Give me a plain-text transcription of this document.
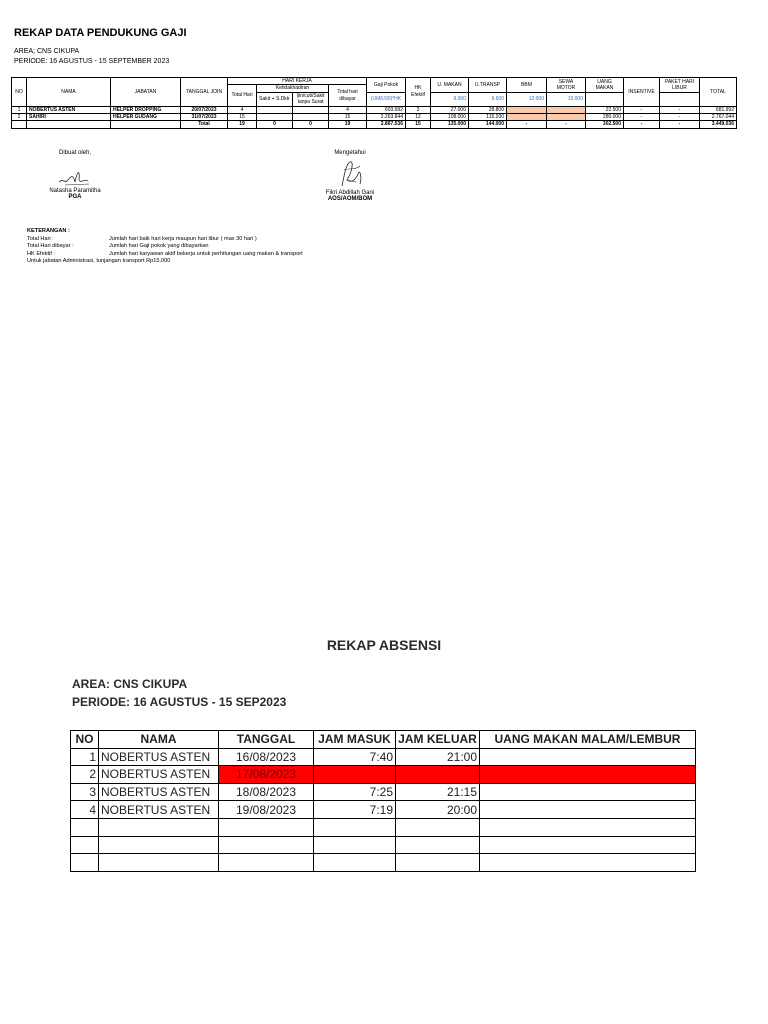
REKAP DATA PENDUKUNG GAJI
AREA; CNS CIKUPA
PERIODE: 16 AGUSTUS - 15 SEPTEMBER 2023
NO	NAMA	JABATAN	TANGGAL JOIN	HARI KERJA				Gaji Pokok	HK Efektif	U. MAKAN	U.TRANSP	BBM	SEWA MOTOR	UANG MAKAN	INSENTIVE	PAKET HARI LIBUR	TOTAL
				Total Hari	Ketidakhadiran		Total hari dibayar										
					Sakit + S.Dktr	Ijin/cuti/Sakit tanpa Surat		(UMK/30)*HK		9.000	9.600	12.000	15.000				
1	NOBERTUS ASTEN	HELPER DROPPING	20/07/2023	4			4	603.692	3	27.000	28.800			22.500	-	-	681.992
2	SAHIRI	HELPER GUDANG	31/07/2023	15			15	2.263.844	12	108.000	115.200			280.000	-	-	2.767.044
			Total	19	0	0	19	2.867.536	15	135.000	144.000	-	-	302.500	-	-	3.449.036
Dibuat oleh,
Natasha Paramitha
PGA
Mengetahui
Fikri Abdillah Gani
AOS/AOM/BOM
KETERANGAN :
Total Hari :	Jumlah hari baik hari kerja maupun hari libur ( max 30 hari )
Total Hari dibayar :	Jumlah hari Gaji pokok yang dibayarkan
HK Efektif :	Jumlah hari karyawan aktif bekerja untuk perhitungan uang makan & transport
Untuk jabatan Administrasi, tunjangan transport Rp15.000
REKAP ABSENSI
AREA: CNS CIKUPA
PERIODE: 16 AGUSTUS - 15 SEP2023
NO	NAMA	TANGGAL	JAM MASUK	JAM KELUAR	UANG MAKAN MALAM/LEMBUR
1	NOBERTUS ASTEN	16/08/2023	7:40	21:00	
2	NOBERTUS ASTEN	17/08/2023			
3	NOBERTUS ASTEN	18/08/2023	7:25	21:15	
4	NOBERTUS ASTEN	19/08/2023	7:19	20:00	
